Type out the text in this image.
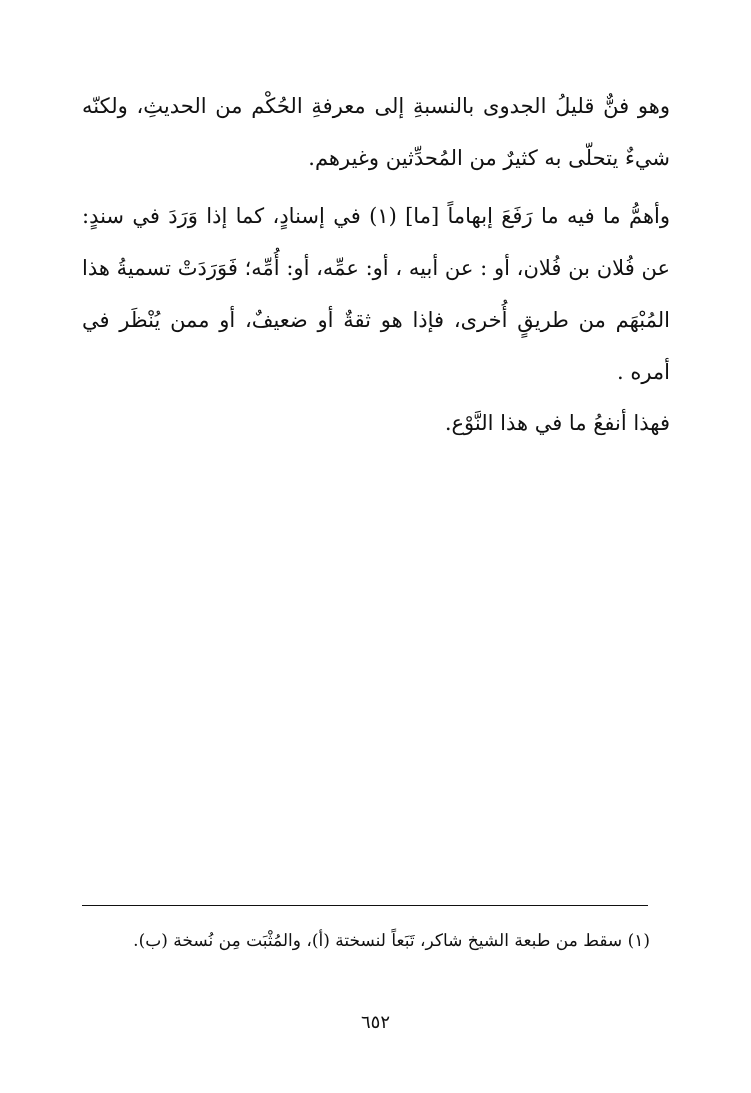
وهو فنٌّ قليلُ الجدوى بالنسبةِ إلى معرفةِ الحُكْم من الحديثِ، ولكنّه شيءٌ يتحلّى به كثيرٌ من المُحدِّثين وغيرهم.

وأهمُّ ما فيه ما رَفَعَ إبهاماً [ما] (١) في إسنادٍ، كما إذا وَرَدَ في سندٍ: عن فُلان بن فُلان، أو : عن أبيه ، أو: عمِّه، أو: أُمِّه؛ فَوَرَدَتْ تسميةُ هذا المُبْهَم من طريقٍ أُخرى، فإذا هو ثقةٌ أو ضعيفٌ، أو ممن يُنْظَر في أمره .

فهذا أنفعُ ما في هذا النَّوْع.

(١) سقط من طبعة الشيخ شاكر، تَبَعاً لنسختة (أ)، والمُثْبَت مِن نُسخة (ب).
٦٥٢
